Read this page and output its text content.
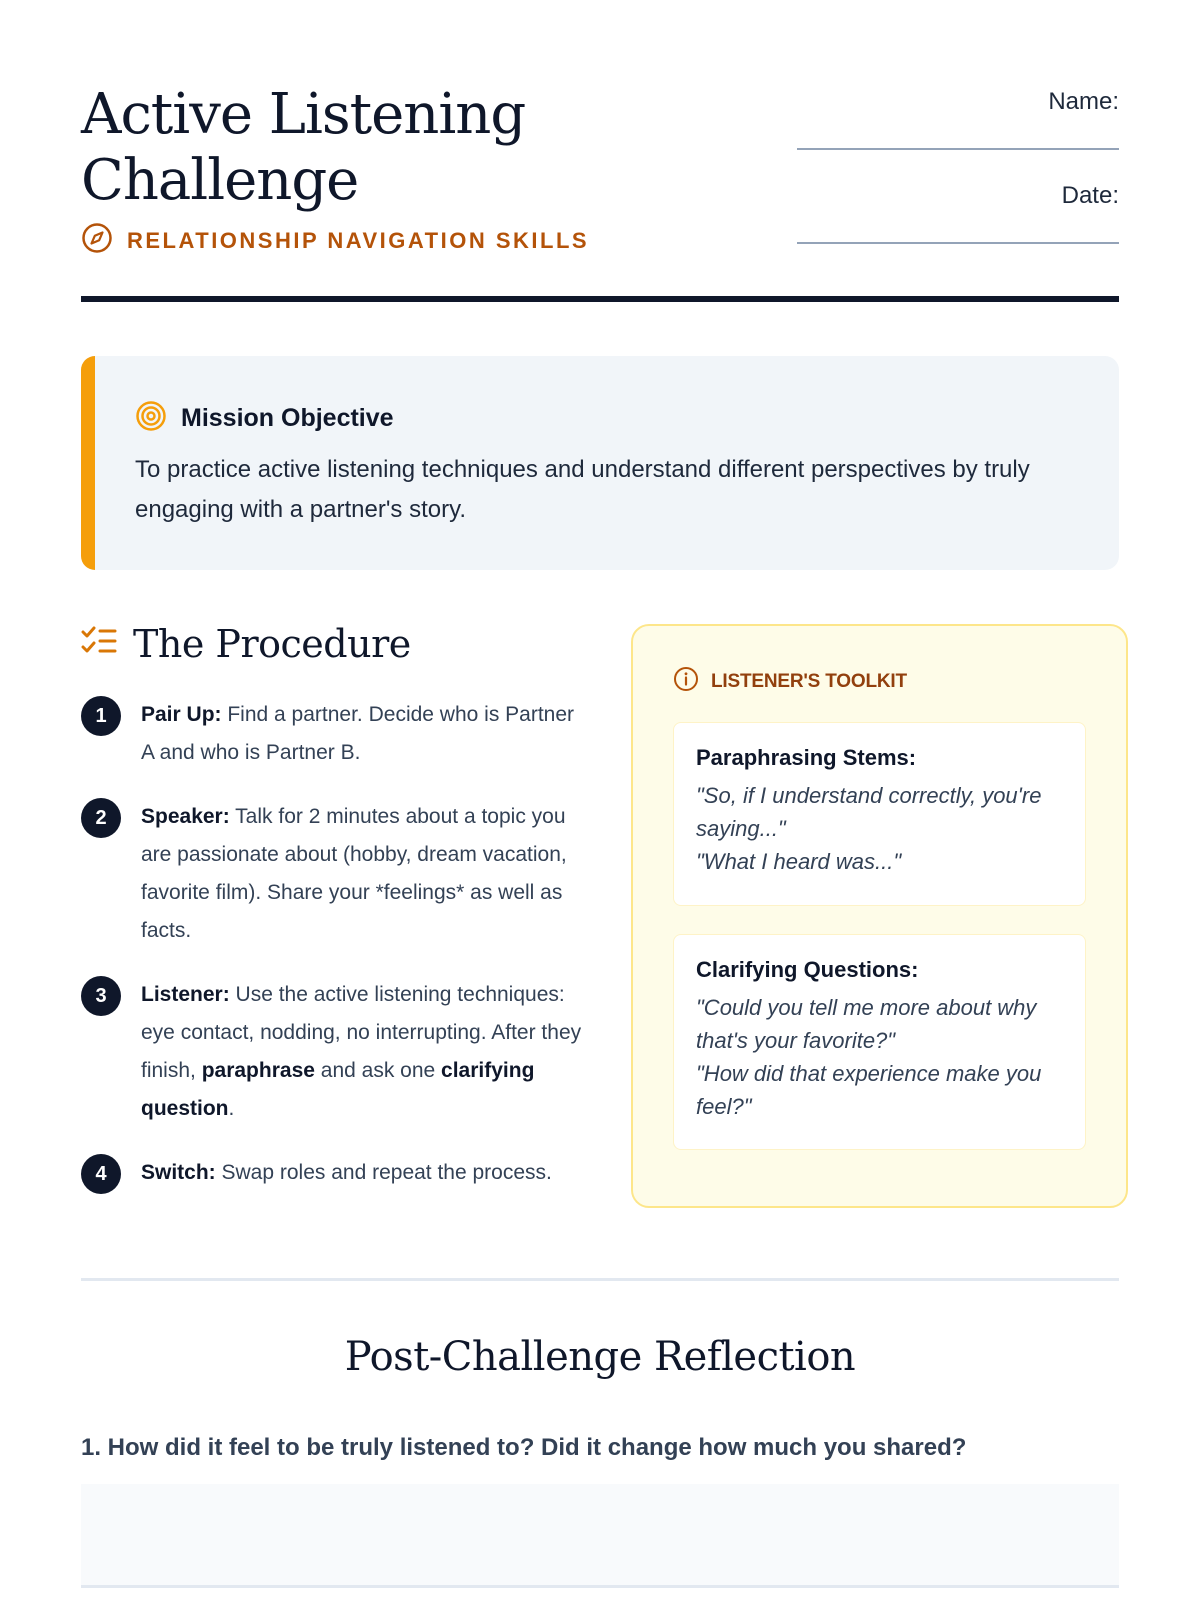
Active Listening
Challenge
RELATIONSHIP NAVIGATION SKILLS
Name:
Date:
Mission Objective

To practice active listening techniques and understand different perspectives by truly engaging with a partner's story.

The Procedure
1	Pair Up: Find a partner. Decide who is Partner A and who is Partner B.
2	Speaker: Talk for 2 minutes about a topic you are passionate about (hobby, dream vacation, favorite film). Share your *feelings* as well as facts.
3	Listener: Use the active listening techniques: eye contact, nodding, no interrupting. After they finish, paraphrase and ask one clarifying question.
4	Switch: Swap roles and repeat the process.
LISTENER'S TOOLKIT
Paraphrasing Stems:
"So, if I understand correctly, you're saying..."
"What I heard was..."
Clarifying Questions:
"Could you tell me more about why that's your favorite?"
"How did that experience make you feel?"
Post-Challenge Reflection

1. How did it feel to be truly listened to? Did it change how much you shared?
